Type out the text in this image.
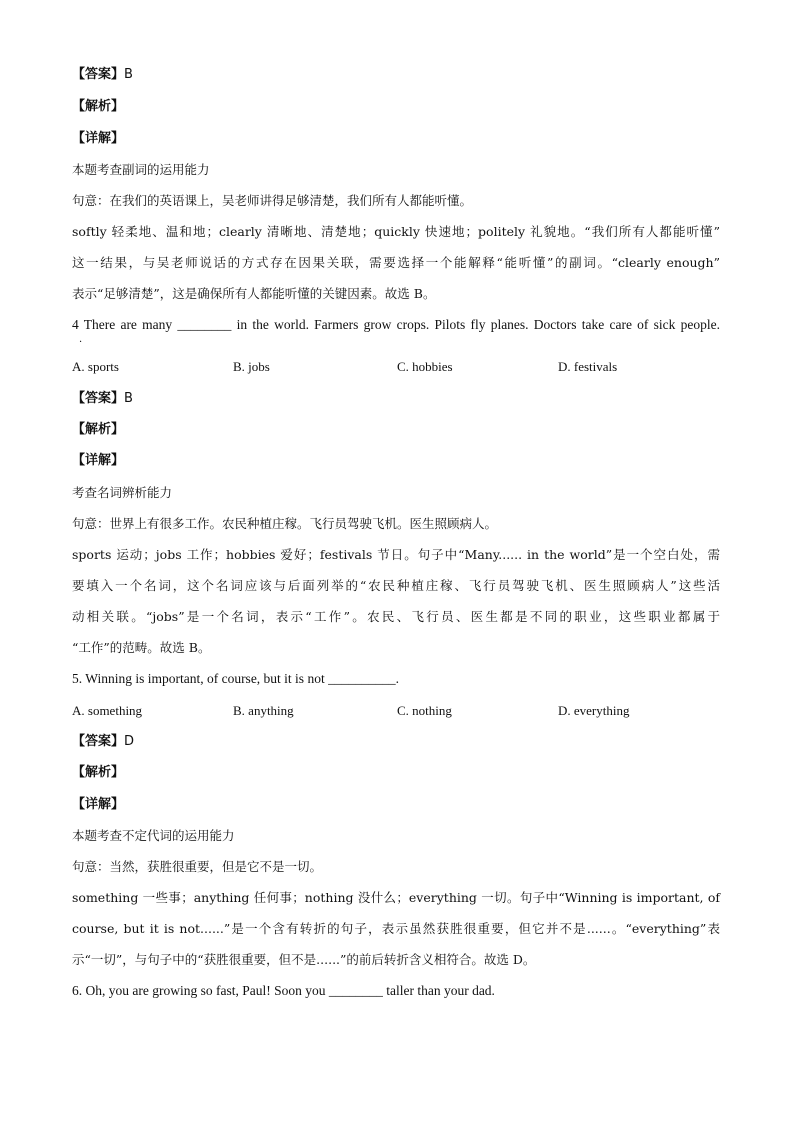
【答案】B
【解析】
【详解】
本题考查副词的运用能力
句意：在我们的英语课上，吴老师讲得足够清楚，我们所有人都能听懂。
softly 轻柔地、温和地；clearly 清晰地、清楚地；quickly 快速地；politely 礼貌地。“我们所有人都能听懂”
这一结果，与吴老师说话的方式存在因果关联，需要选择一个能解释“能听懂”的副词。“clearly enough”
表示“足够清楚”，这是确保所有人都能听懂的关键因素。故选 B。
4 There are many ________ in the world. Farmers grow crops. Pilots fly planes. Doctors take care of sick people.
·
A. sports	B. jobs	C. hobbies	D. festivals
【答案】B
【解析】
【详解】
考查名词辨析能力
句意：世界上有很多工作。农民种植庄稼。飞行员驾驶飞机。医生照顾病人。
sports 运动；jobs 工作；hobbies 爱好；festivals 节日。句子中“Many...... in the world”是一个空白处，需
要填入一个名词，这个名词应该与后面列举的“农民种植庄稼、飞行员驾驶飞机、医生照顾病人”这些活
动相关联。“jobs”是一个名词，表示“工作”。农民、飞行员、医生都是不同的职业，这些职业都属于
“工作”的范畴。故选 B。
5. Winning is important, of course, but it is not __________.
A. something	B. anything	C. nothing	D. everything
【答案】D
【解析】
【详解】
本题考查不定代词的运用能力
句意：当然，获胜很重要，但是它不是一切。
something 一些事；anything 任何事；nothing 没什么；everything 一切。句子中“Winning is important, of
course, but it is not......”是一个含有转折的句子，表示虽然获胜很重要，但它并不是......。“everything”表
示“一切”，与句子中的“获胜很重要，但不是......”的前后转折含义相符合。故选 D。
6. Oh, you are growing so fast, Paul! Soon you ________ taller than your dad.
